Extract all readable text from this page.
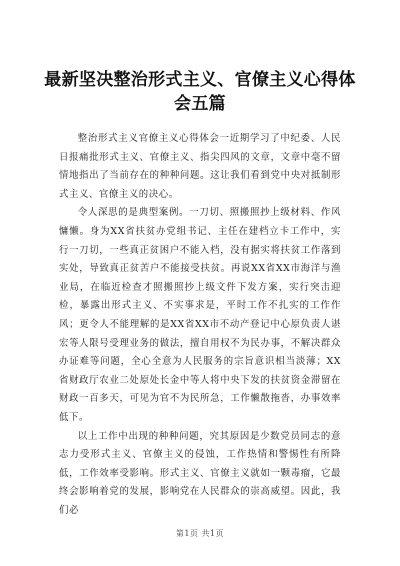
最新坚决整治形式主义、官僚主义心得体会五篇

整治形式主义官僚主义心得体会一近期学习了中纪委、人民日报痛批形式主义、官僚主义、指尖四风的文章，文章中毫不留情地指出了当前存在的种种问题。这让我们看到党中央对抵制形式主义、官僚主义的决心。

令人深思的是典型案例。一刀切、照搬照抄上级材料、作风慵懒。身为XX省扶贫办党组书记、主任在建档立卡工作中，实行一刀切，一些真正贫困户不能入档，没有据实将扶贫工作落到实处，导致真正贫苦户不能接受扶贫。再说XX省XX市海洋与渔业局，在临近检查才照搬照抄上级文件下发方案，实行突击迎检，暴露出形式主义、不实事求是，平时工作不扎实的工作作风；更令人不能理解的是XX省XX市不动产登记中心原负责人谌宏等人限号受理业务的做法，擅自用权不为民办事，不解决群众办证难等问题，全心全意为人民服务的宗旨意识相当淡薄；XX省财政厅农业二处原处长金中等人将中央下发的扶贫资金滞留在财政一百多天，可见为官不为民所急，工作懒散拖沓，办事效率低下。

以上工作中出现的种种问题，究其原因是少数党员同志的意志力受形式主义、官僚主义的侵蚀，工作热情和警惕性有所降低，工作效率受影响。形式主义、官僚主义就如一颗毒瘤，它最终会影响着党的发展，影响党在人民群众的崇高威望。因此，我们必

第1页 共1页
